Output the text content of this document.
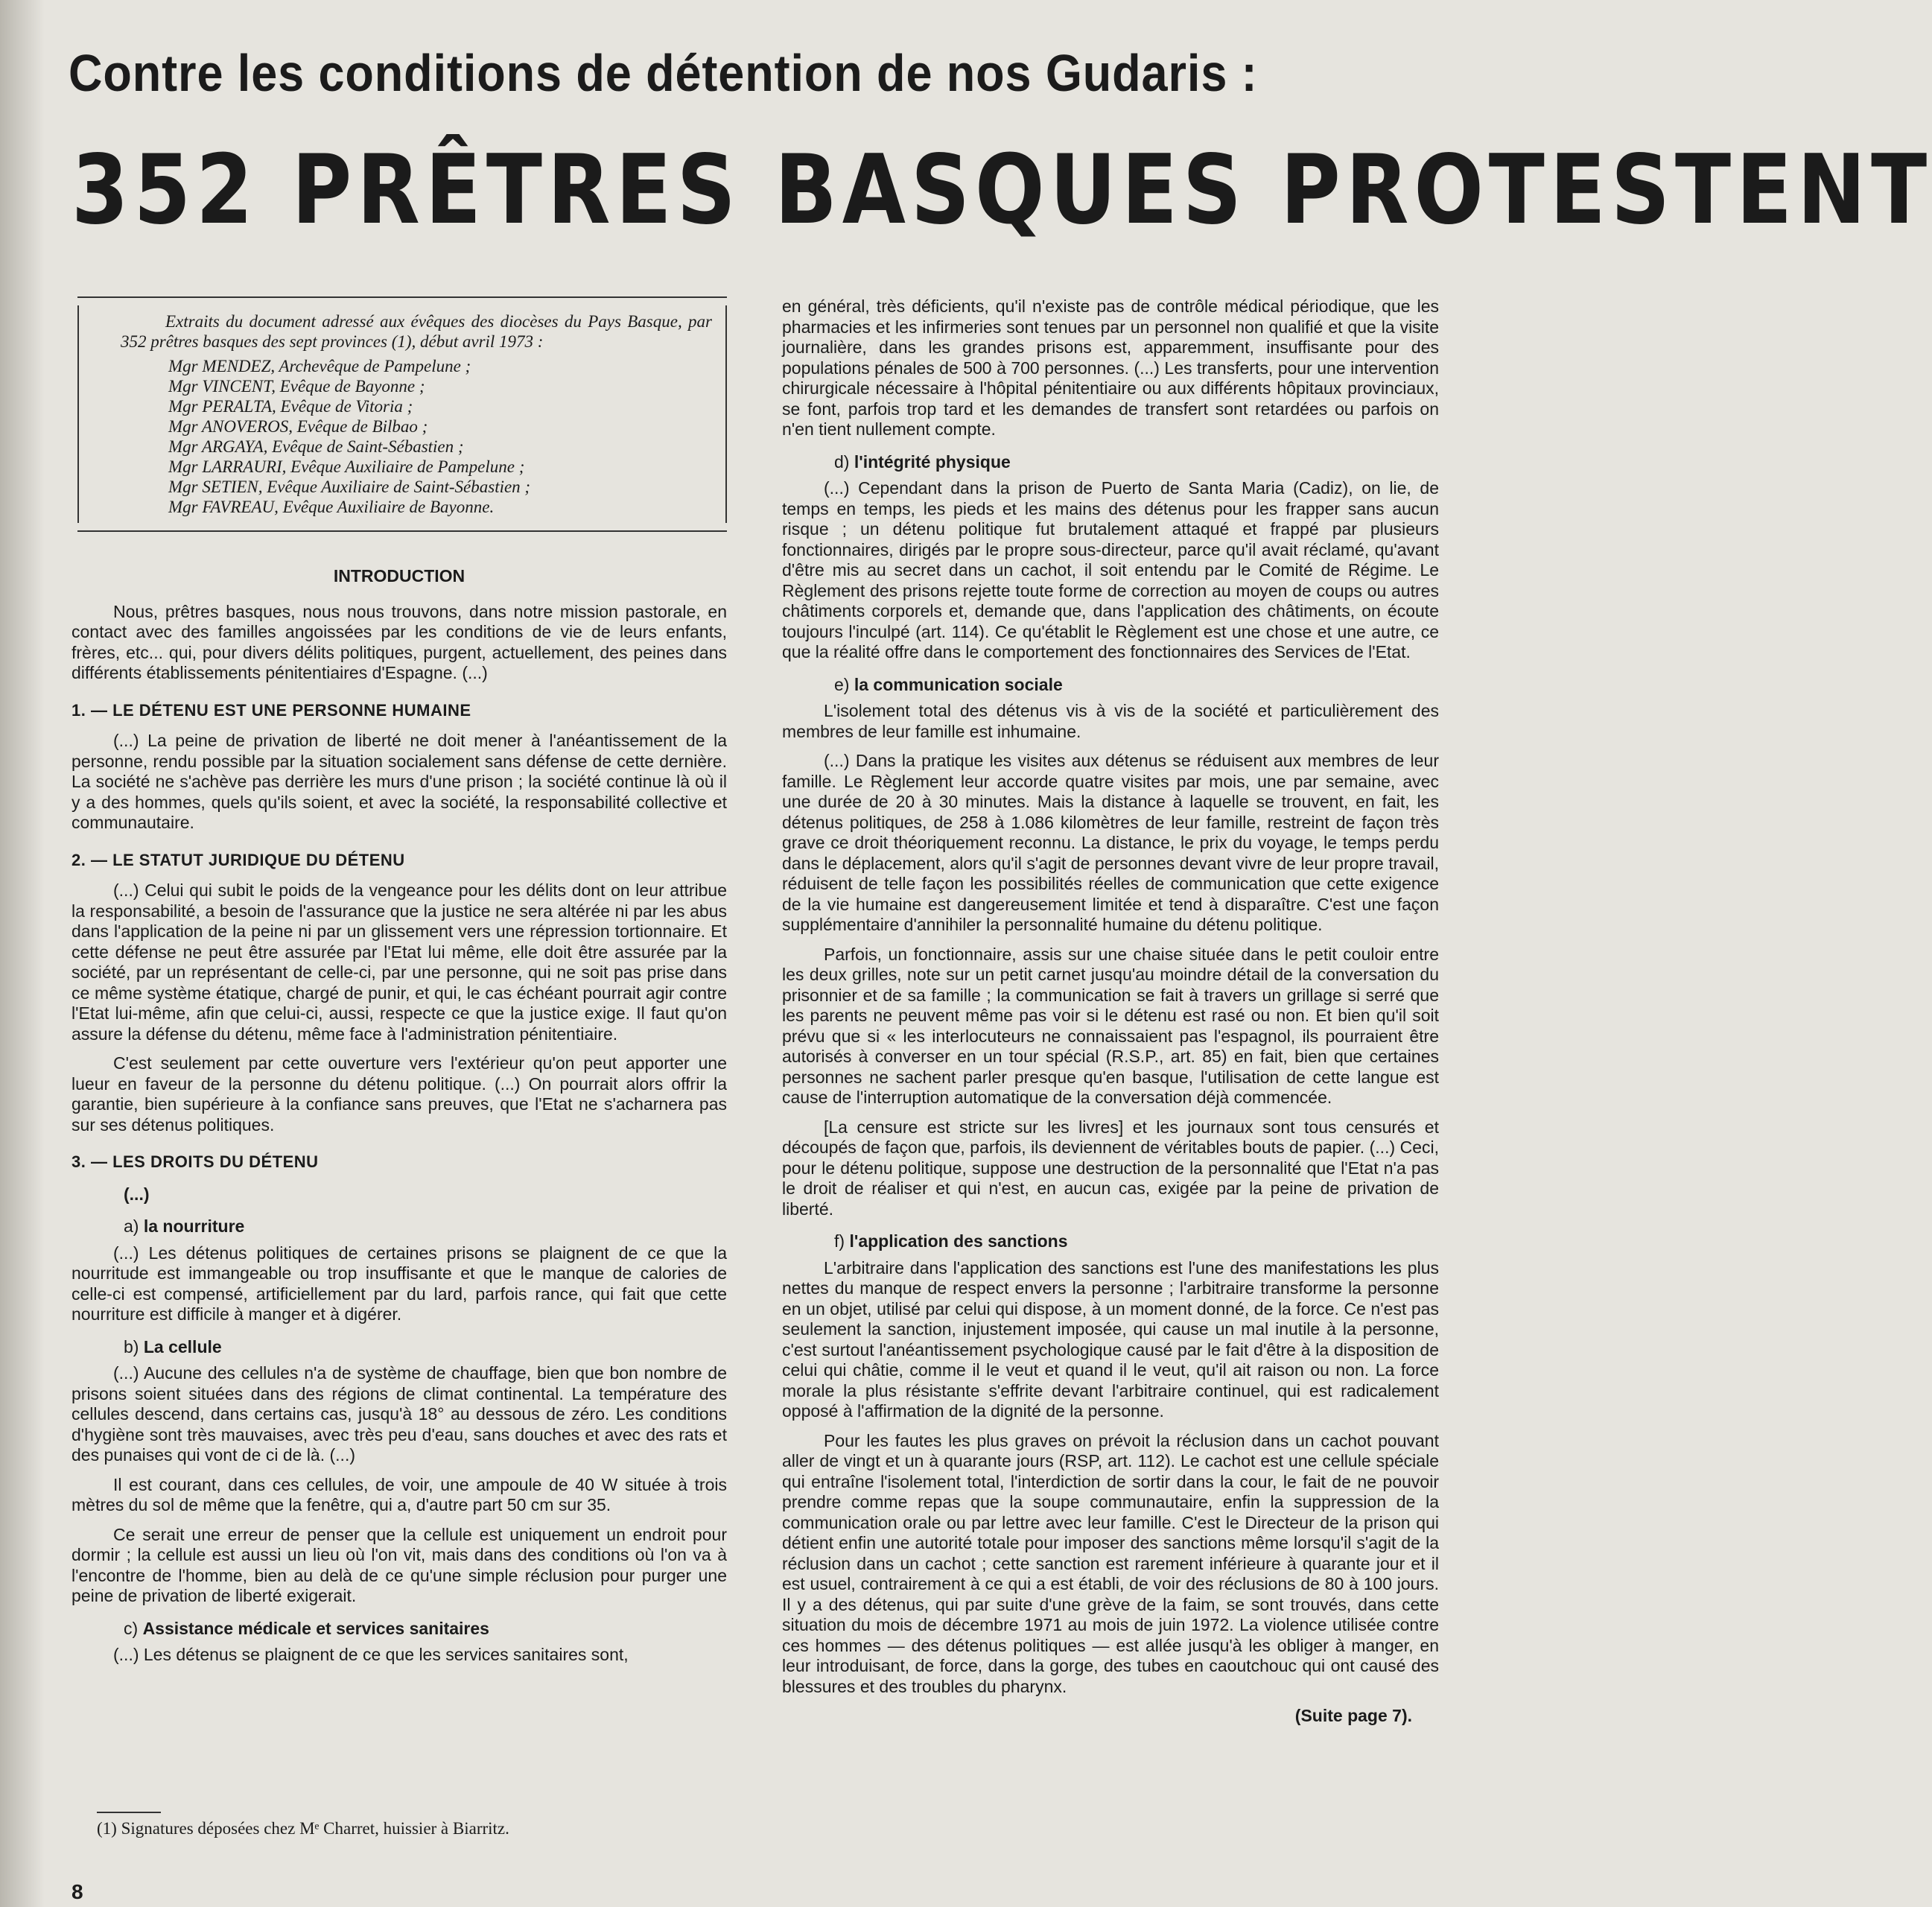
Contre les conditions de détention de nos Gudaris :
352 PRÊTRES BASQUES PROTESTENT

Extraits du document adressé aux évêques des diocèses du Pays Basque, par 352 prêtres basques des sept provinces (1), début avril 1973 :

Mgr MENDEZ, Archevêque de Pampelune ;
Mgr VINCENT, Evêque de Bayonne ;
Mgr PERALTA, Evêque de Vitoria ;
Mgr ANOVEROS, Evêque de Bilbao ;
Mgr ARGAYA, Evêque de Saint-Sébastien ;
Mgr LARRAURI, Evêque Auxiliaire de Pampelune ;
Mgr SETIEN, Evêque Auxiliaire de Saint-Sébastien ;
Mgr FAVREAU, Evêque Auxiliaire de Bayonne.
INTRODUCTION

Nous, prêtres basques, nous nous trouvons, dans notre mission pastorale, en contact avec des familles angoissées par les conditions de vie de leurs enfants, frères, etc... qui, pour divers délits politiques, purgent, actuellement, des peines dans différents établissements pénitentiaires d'Espagne. (...)

1. — LE DÉTENU EST UNE PERSONNE HUMAINE

(...) La peine de privation de liberté ne doit mener à l'anéantissement de la personne, rendu possible par la situation socialement sans défense de cette dernière. La société ne s'achève pas derrière les murs d'une prison ; la société continue là où il y a des hommes, quels qu'ils soient, et avec la société, la responsabilité collective et communautaire.

2. — LE STATUT JURIDIQUE DU DÉTENU

(...) Celui qui subit le poids de la vengeance pour les délits dont on leur attribue la responsabilité, a besoin de l'assurance que la justice ne sera altérée ni par les abus dans l'application de la peine ni par un glissement vers une répression tortionnaire. Et cette défense ne peut être assurée par l'Etat lui même, elle doit être assurée par la société, par un représentant de celle-ci, par une personne, qui ne soit pas prise dans ce même système étatique, chargé de punir, et qui, le cas échéant pourrait agir contre l'Etat lui-même, afin que celui-ci, aussi, respecte ce que la justice exige. Il faut qu'on assure la défense du détenu, même face à l'administration pénitentiaire.

C'est seulement par cette ouverture vers l'extérieur qu'on peut apporter une lueur en faveur de la personne du détenu politique. (...) On pourrait alors offrir la garantie, bien supérieure à la confiance sans preuves, que l'Etat ne s'acharnera pas sur ses détenus politiques.

3. — LES DROITS DU DÉTENU
(...)
a) la nourriture

(...) Les détenus politiques de certaines prisons se plaignent de ce que la nourritude est immangeable ou trop insuffisante et que le manque de calories de celle-ci est compensé, artificiellement par du lard, parfois rance, qui fait que cette nourriture est difficile à manger et à digérer.

b) La cellule

(...) Aucune des cellules n'a de système de chauffage, bien que bon nombre de prisons soient situées dans des régions de climat continental. La température des cellules descend, dans certains cas, jusqu'à 18° au dessous de zéro. Les conditions d'hygiène sont très mauvaises, avec très peu d'eau, sans douches et avec des rats et des punaises qui vont de ci de là. (...)

Il est courant, dans ces cellules, de voir, une ampoule de 40 W située à trois mètres du sol de même que la fenêtre, qui a, d'autre part 50 cm sur 35.

Ce serait une erreur de penser que la cellule est uniquement un endroit pour dormir ; la cellule est aussi un lieu où l'on vit, mais dans des conditions où l'on va à l'encontre de l'homme, bien au delà de ce qu'une simple réclusion pour purger une peine de privation de liberté exigerait.

c) Assistance médicale et services sanitaires

(...) Les détenus se plaignent de ce que les services sanitaires sont,

en général, très déficients, qu'il n'existe pas de contrôle médical périodique, que les pharmacies et les infirmeries sont tenues par un personnel non qualifié et que la visite journalière, dans les grandes prisons est, apparemment, insuffisante pour des populations pénales de 500 à 700 personnes. (...) Les transferts, pour une intervention chirurgicale nécessaire à l'hôpital pénitentiaire ou aux différents hôpitaux provinciaux, se font, parfois trop tard et les demandes de transfert sont retardées ou parfois on n'en tient nullement compte.

d) l'intégrité physique

(...) Cependant dans la prison de Puerto de Santa Maria (Cadiz), on lie, de temps en temps, les pieds et les mains des détenus pour les frapper sans aucun risque ; un détenu politique fut brutalement attaqué et frappé par plusieurs fonctionnaires, dirigés par le propre sous-directeur, parce qu'il avait réclamé, qu'avant d'être mis au secret dans un cachot, il soit entendu par le Comité de Régime. Le Règlement des prisons rejette toute forme de correction au moyen de coups ou autres châtiments corporels et, demande que, dans l'application des châtiments, on écoute toujours l'inculpé (art. 114). Ce qu'établit le Règlement est une chose et une autre, ce que la réalité offre dans le comportement des fonctionnaires des Services de l'Etat.

e) la communication sociale

L'isolement total des détenus vis à vis de la société et particulièrement des membres de leur famille est inhumaine.

(...) Dans la pratique les visites aux détenus se réduisent aux membres de leur famille. Le Règlement leur accorde quatre visites par mois, une par semaine, avec une durée de 20 à 30 minutes. Mais la distance à laquelle se trouvent, en fait, les détenus politiques, de 258 à 1.086 kilomètres de leur famille, restreint de façon très grave ce droit théoriquement reconnu. La distance, le prix du voyage, le temps perdu dans le déplacement, alors qu'il s'agit de personnes devant vivre de leur propre travail, réduisent de telle façon les possibilités réelles de communication que cette exigence de la vie humaine est dangereusement limitée et tend à disparaître. C'est une façon supplémentaire d'annihiler la personnalité humaine du détenu politique.

Parfois, un fonctionnaire, assis sur une chaise située dans le petit couloir entre les deux grilles, note sur un petit carnet jusqu'au moindre détail de la conversation du prisonnier et de sa famille ; la communication se fait à travers un grillage si serré que les parents ne peuvent même pas voir si le détenu est rasé ou non. Et bien qu'il soit prévu que si « les interlocuteurs ne connaissaient pas l'espagnol, ils pourraient être autorisés à converser en un tour spécial (R.S.P., art. 85) en fait, bien que certaines personnes ne sachent parler presque qu'en basque, l'utilisation de cette langue est cause de l'interruption automatique de la conversation déjà commencée.

[La censure est stricte sur les livres] et les journaux sont tous censurés et découpés de façon que, parfois, ils deviennent de véritables bouts de papier. (...) Ceci, pour le détenu politique, suppose une destruction de la personnalité que l'Etat n'a pas le droit de réaliser et qui n'est, en aucun cas, exigée par la peine de privation de liberté.

f) l'application des sanctions

L'arbitraire dans l'application des sanctions est l'une des manifestations les plus nettes du manque de respect envers la personne ; l'arbitraire transforme la personne en un objet, utilisé par celui qui dispose, à un moment donné, de la force. Ce n'est pas seulement la sanction, injustement imposée, qui cause un mal inutile à la personne, c'est surtout l'anéantissement psychologique causé par le fait d'être à la disposition de celui qui châtie, comme il le veut et quand il le veut, qu'il ait raison ou non. La force morale la plus résistante s'effrite devant l'arbitraire continuel, qui est radicalement opposé à l'affirmation de la dignité de la personne.

Pour les fautes les plus graves on prévoit la réclusion dans un cachot pouvant aller de vingt et un à quarante jours (RSP, art. 112). Le cachot est une cellule spéciale qui entraîne l'isolement total, l'interdiction de sortir dans la cour, le fait de ne pouvoir prendre comme repas que la soupe communautaire, enfin la suppression de la communication orale ou par lettre avec leur famille. C'est le Directeur de la prison qui détient enfin une autorité totale pour imposer des sanctions même lorsqu'il s'agit de la réclusion dans un cachot ; cette sanction est rarement inférieure à quarante jour et il est usuel, contrairement à ce qui a est établi, de voir des réclusions de 80 à 100 jours. Il y a des détenus, qui par suite d'une grève de la faim, se sont trouvés, dans cette situation du mois de décembre 1971 au mois de juin 1972. La violence utilisée contre ces hommes — des détenus politiques — est allée jusqu'à les obliger à manger, en leur introduisant, de force, dans la gorge, des tubes en caoutchouc qui ont causé des blessures et des troubles du pharynx.

(Suite page 7).
(1) Signatures déposées chez Mᵉ Charret, huissier à Biarritz.
8
